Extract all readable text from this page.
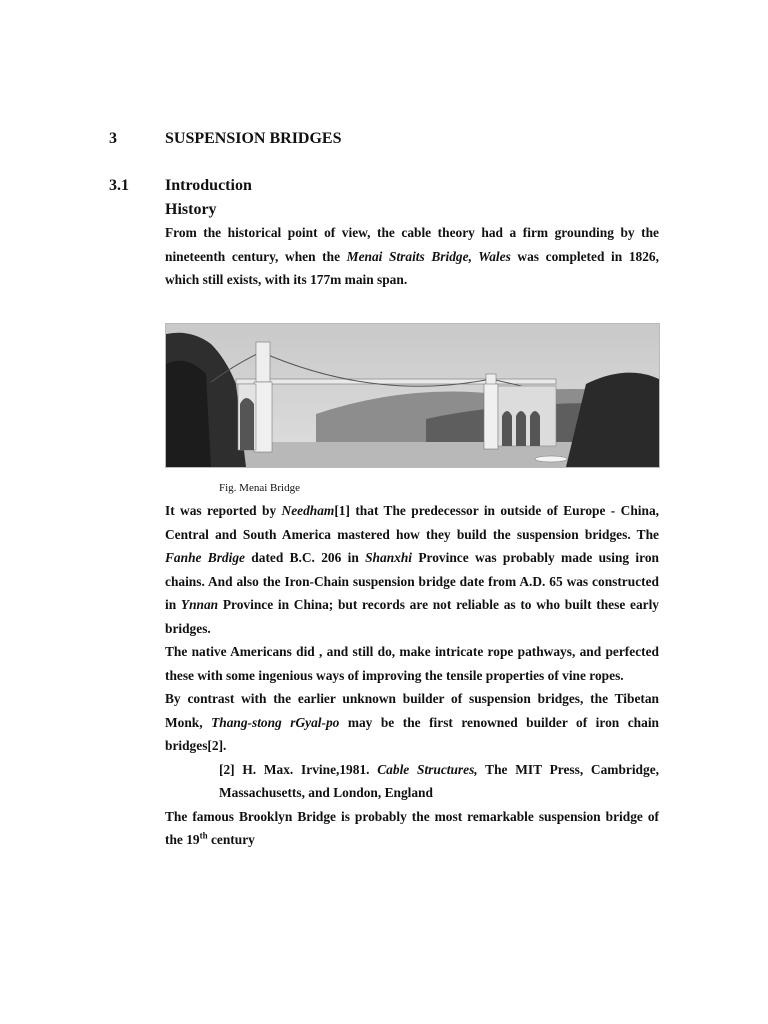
3	SUSPENSION BRIDGES
3.1 Introduction
History

From the historical point of view, the cable theory had a firm grounding by the nineteenth century, when the Menai Straits Bridge, Wales was completed in 1826, which still exists, with its 177m main span.

Fig. Menai Bridge

It was reported by Needham[1] that The predecessor in outside of Europe - China, Central and South America mastered how they build the suspension bridges. The Fanhe Brdige dated B.C. 206 in Shanxhi Province was probably made using iron chains. And also the Iron-Chain suspension bridge date from A.D. 65 was constructed in Ynnan Province in China; but records are not reliable as to who built these early bridges.

The native Americans did , and still do, make intricate rope pathways, and perfected these with some ingenious ways of improving the tensile properties of vine ropes.

By contrast with the earlier unknown builder of suspension bridges, the Tibetan Monk, Thang-stong rGyal-po may be the first renowned builder of iron chain bridges[2].

[2] H. Max. Irvine,1981. Cable Structures, The MIT Press, Cambridge, Massachusetts, and London, England

The famous Brooklyn Bridge is probably the most remarkable suspension bridge of the 19th century
